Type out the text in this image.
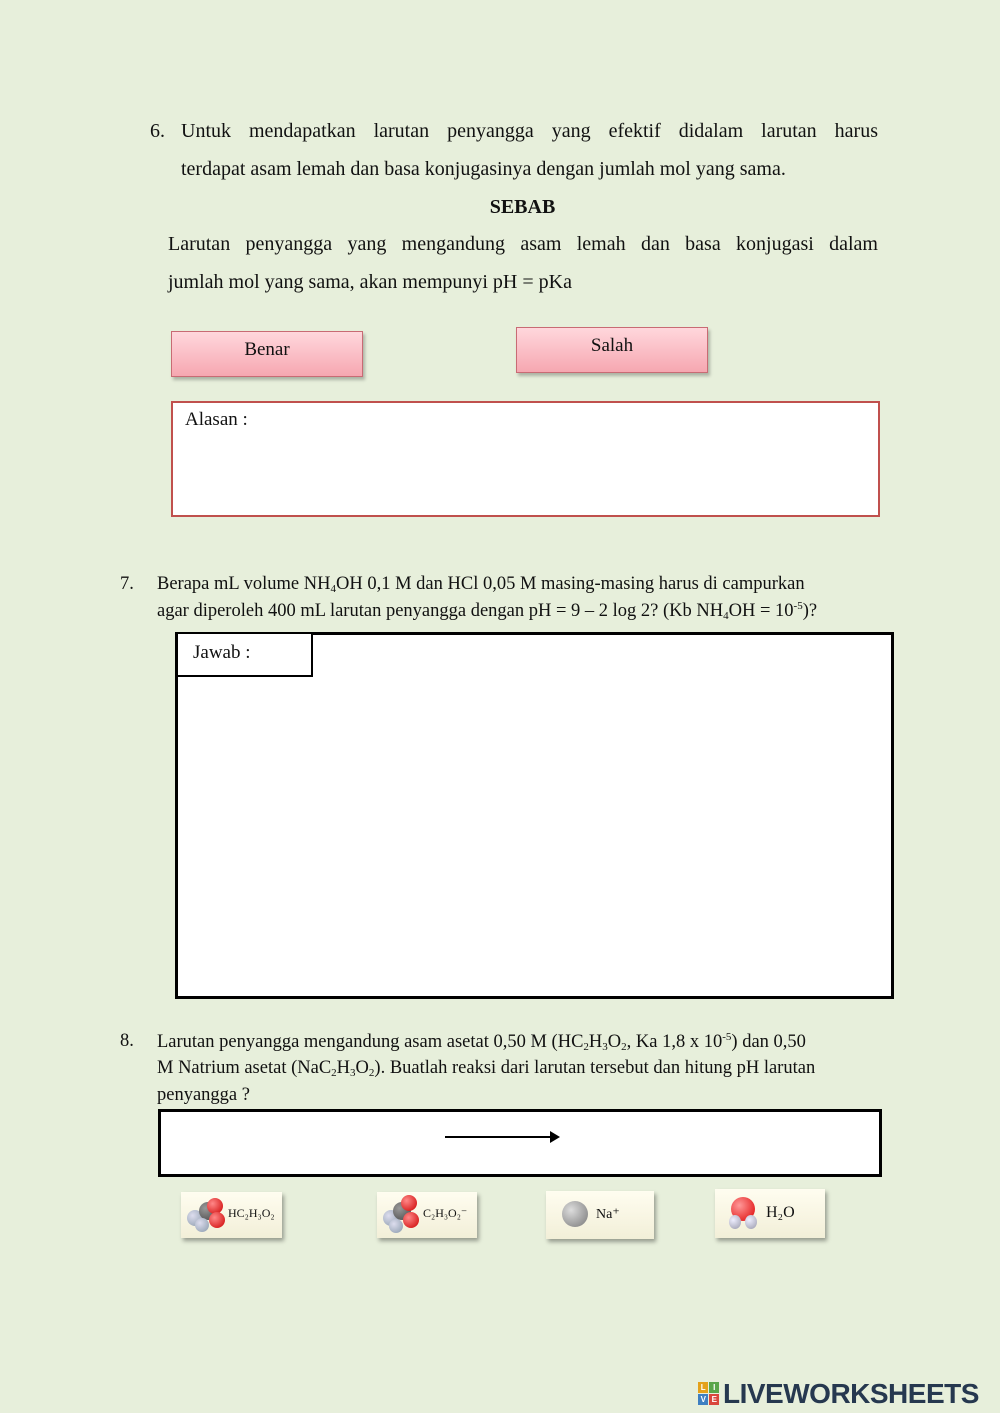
6. Untuk mendapatkan larutan penyangga yang efektif didalam larutan harus
terdapat asam lemah dan basa konjugasinya dengan jumlah mol yang sama.
SEBAB
Larutan penyangga yang mengandung asam lemah dan basa konjugasi dalam
jumlah mol yang sama, akan mempunyi pH = pKa
Benar	Salah
Alasan :
7. Berapa mL volume $NH_4OH$ 0,1 M dan HCl 0,05 M masing-masing harus di campurkan
agar diperoleh 400 mL larutan penyangga dengan pH = 9 – 2 log 2? (Kb $NH_4OH = 10^{-5}$)?
Jawab :
8. Larutan penyangga mengandung asam asetat 0,50 M ($HC_2H_3O_2$, Ka 1,8 x $10^{-5}$) dan 0,50
M Natrium asetat $(NaC_2H_3O_2)$. Buatlah reaksi dari larutan tersebut dan hitung pH larutan
penyangga ?
HC₂H₃O₂	C₂H₃O₂⁻	Na⁺	H₂O
L I
V E LIVEWORKSHEETS
